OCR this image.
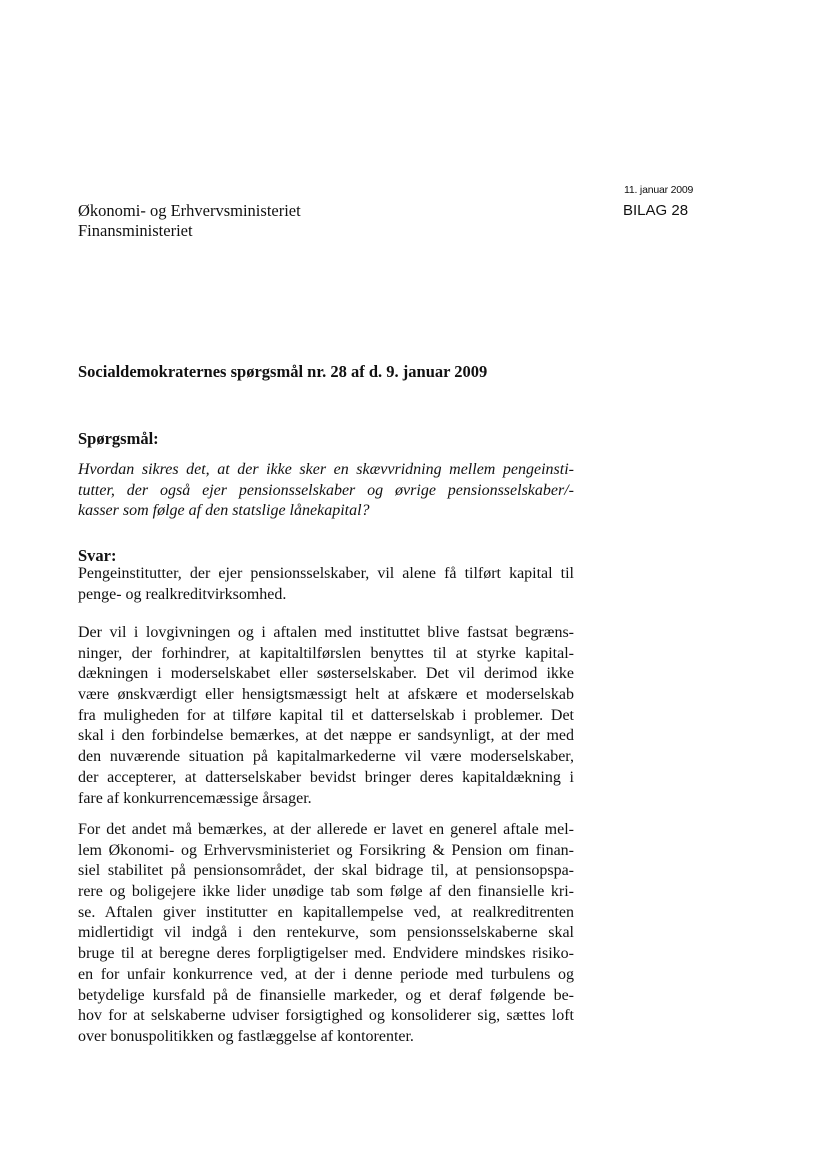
11. januar 2009
BILAG 28
Økonomi- og Erhvervsministeriet
Finansministeriet
Socialdemokraternes spørgsmål nr. 28 af d. 9. januar 2009
Spørgsmål:
Hvordan sikres det, at der ikke sker en skævvridning mellem pengeinsti-
tutter, der også ejer pensionsselskaber og øvrige pensionsselskaber/-
kasser som følge af den statslige lånekapital?
Svar:
Pengeinstitutter, der ejer pensionsselskaber, vil alene få tilført kapital til
penge- og realkreditvirksomhed.
Der vil i lovgivningen og i aftalen med instituttet blive fastsat begræns-
ninger, der forhindrer, at kapitaltilførslen benyttes til at styrke kapital-
dækningen i moderselskabet eller søsterselskaber. Det vil derimod ikke
være ønskværdigt eller hensigtsmæssigt helt at afskære et moderselskab
fra muligheden for at tilføre kapital til et datterselskab i problemer. Det
skal i den forbindelse bemærkes, at det næppe er sandsynligt, at der med
den nuværende situation på kapitalmarkederne vil være moderselskaber,
der accepterer, at datterselskaber bevidst bringer deres kapitaldækning i
fare af konkurrencemæssige årsager.
For det andet må bemærkes, at der allerede er lavet en generel aftale mel-
lem Økonomi- og Erhvervsministeriet og Forsikring & Pension om finan-
siel stabilitet på pensionsområdet, der skal bidrage til, at pensionsopspa-
rere og boligejere ikke lider unødige tab som følge af den finansielle kri-
se. Aftalen giver institutter en kapitallempelse ved, at realkreditrenten
midlertidigt vil indgå i den rentekurve, som pensionsselskaberne skal
bruge til at beregne deres forpligtigelser med. Endvidere mindskes risiko-
en for unfair konkurrence ved, at der i denne periode med turbulens og
betydelige kursfald på de finansielle markeder, og et deraf følgende be-
hov for at selskaberne udviser forsigtighed og konsoliderer sig, sættes loft
over bonuspolitikken og fastlæggelse af kontorenter.
